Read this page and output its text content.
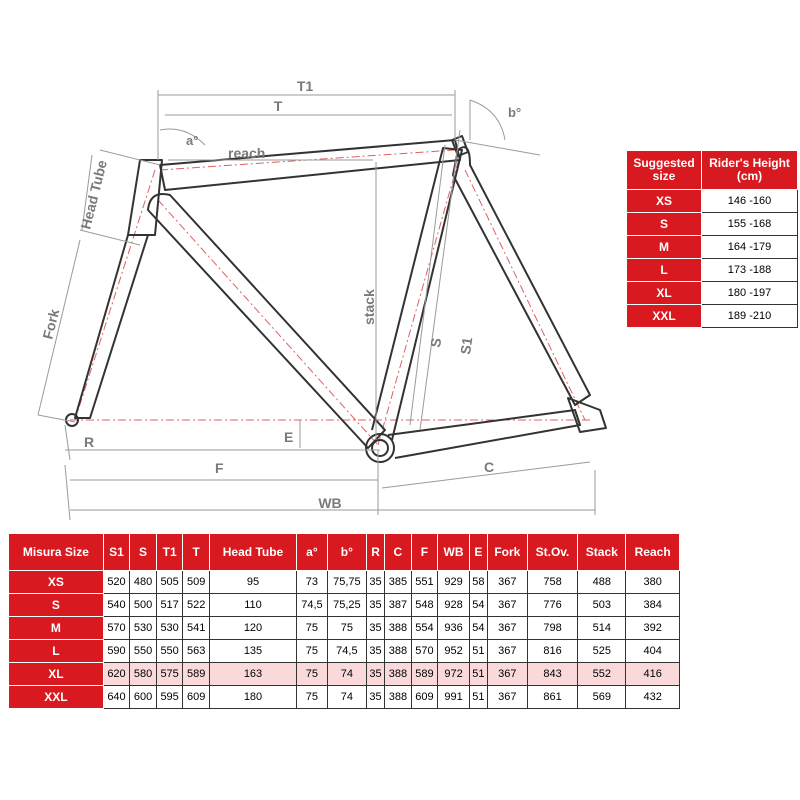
T1
T
a°
b°
reach
Head Tube
Fork	stack
S S1
E
R
F	C
WB
Suggested size	Rider's Height (cm)
XS	146 -160
S	155 -168
M	164 -179
L	173 -188
XL	180 -197
XXL	189 -210
Misura Size	S1	S	T1	T	Head Tube	a°	b°	R	C	F	WB	E	Fork	St.Ov.	Stack	Reach
XS	520	480	505	509	95	73	75,75	35	385	551	929	58	367	758	488	380
S	540	500	517	522	110	74,5	75,25	35	387	548	928	54	367	776	503	384
M	570	530	530	541	120	75	75	35	388	554	936	54	367	798	514	392
L	590	550	550	563	135	75	74,5	35	388	570	952	51	367	816	525	404
XL	620	580	575	589	163	75	74	35	388	589	972	51	367	843	552	416
XXL	640	600	595	609	180	75	74	35	388	609	991	51	367	861	569	432
